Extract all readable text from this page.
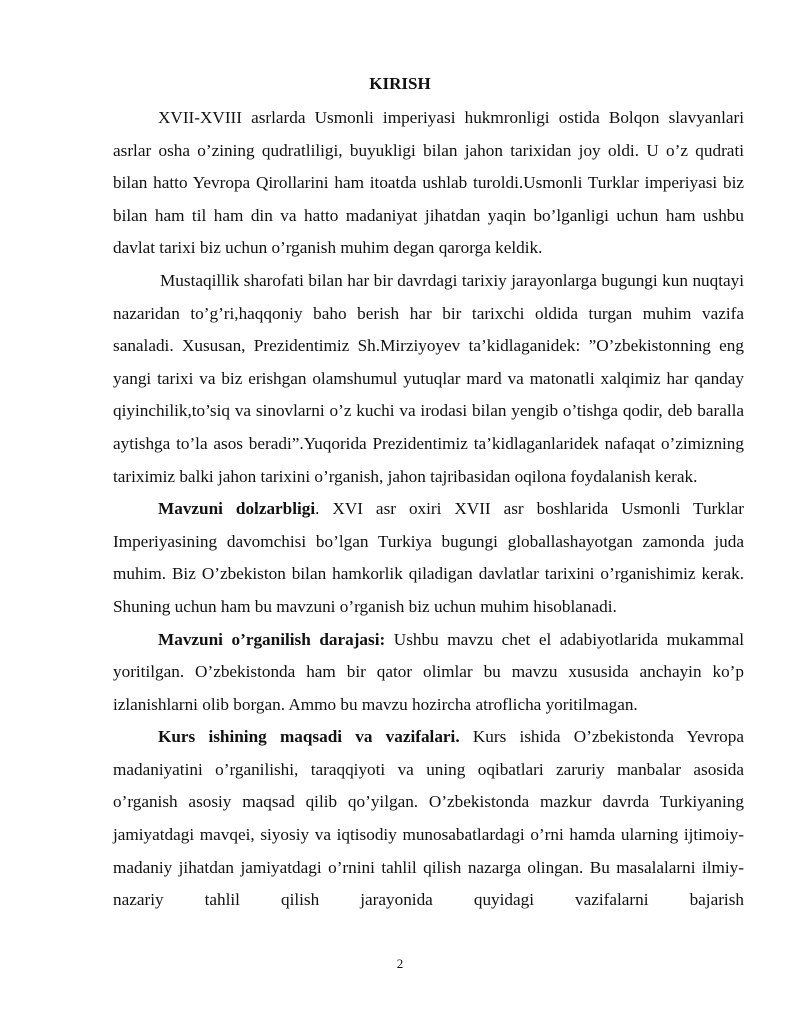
KIRISH

XVII-XVIII asrlarda Usmonli imperiyasi hukmronligi ostida Bolqon slavyanlari asrlar osha o’zining qudratliligi, buyukligi bilan jahon tarixidan joy oldi. U o’z qudrati bilan hatto Yevropa Qirollarini ham itoatda ushlab turoldi.Usmonli Turklar imperiyasi biz bilan ham til ham din va hatto madaniyat jihatdan yaqin bo’lganligi uchun ham ushbu davlat tarixi biz uchun o’rganish muhim degan qarorga keldik.

Mustaqillik sharofati bilan har bir davrdagi tarixiy jarayonlarga bugungi kun nuqtayi nazaridan to’g’ri,haqqoniy baho berish har bir tarixchi oldida turgan muhim vazifa sanaladi. Xususan, Prezidentimiz Sh.Mirziyoyev ta’kidlaganidek: ”O’zbekistonning eng yangi tarixi va biz erishgan olamshumul yutuqlar mard va matonatli xalqimiz har qanday qiyinchilik,to’siq va sinovlarni o’z kuchi va irodasi bilan yengib o’tishga qodir, deb baralla aytishga to’la asos beradi”.Yuqorida Prezidentimiz ta’kidlaganlaridek nafaqat o’zimizning tariximiz balki jahon tarixini o’rganish, jahon tajribasidan oqilona foydalanish kerak.

Mavzuni dolzarbligi. XVI asr oxiri XVII asr boshlarida Usmonli Turklar Imperiyasining davomchisi bo’lgan Turkiya bugungi globallashayotgan zamonda juda muhim. Biz O’zbekiston bilan hamkorlik qiladigan davlatlar tarixini o’rganishimiz kerak. Shuning uchun ham bu mavzuni o’rganish biz uchun muhim hisoblanadi.

Mavzuni o’rganilish darajasi: Ushbu mavzu chet el adabiyotlarida mukammal yoritilgan. O’zbekistonda ham bir qator olimlar bu mavzu xususida anchayin ko’p izlanishlarni olib borgan. Ammo bu mavzu hozircha atroflicha yoritilmagan.

Kurs ishining maqsadi va vazifalari. Kurs ishida O’zbekistonda Yevropa madaniyatini o’rganilishi, taraqqiyoti va uning oqibatlari zaruriy manbalar asosida o’rganish asosiy maqsad qilib qo’yilgan. O’zbekistonda mazkur davrda Turkiyaning jamiyatdagi mavqei, siyosiy va iqtisodiy munosabatlardagi o’rni hamda ularning ijtimoiy-madaniy jihatdan jamiyatdagi o’rnini tahlil qilish nazarga olingan. Bu masalalarni ilmiy-nazariy tahlil qilish jarayonida quyidagi vazifalarni bajarish

2
